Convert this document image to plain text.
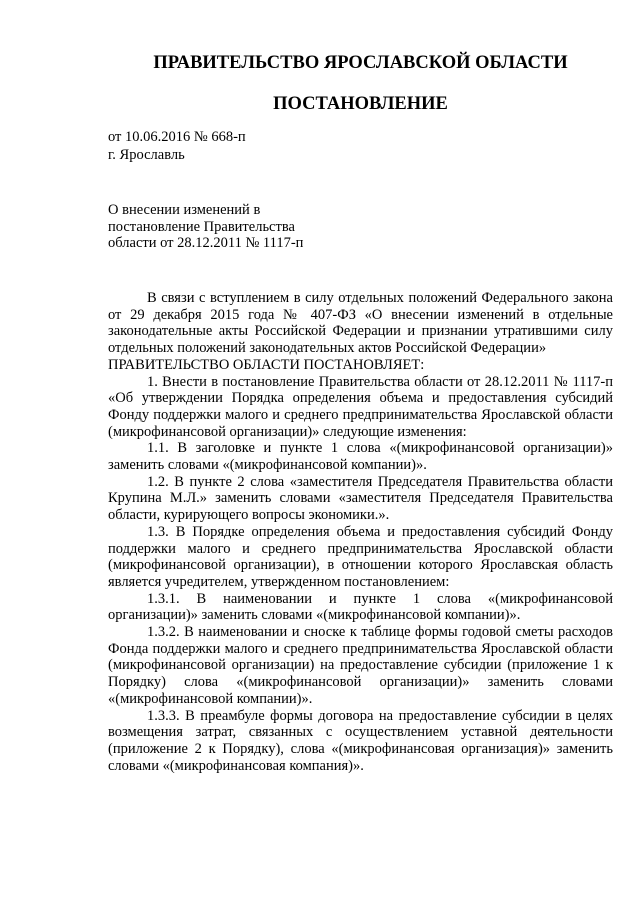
ПРАВИТЕЛЬСТВО ЯРОСЛАВСКОЙ ОБЛАСТИ
ПОСТАНОВЛЕНИЕ
от 10.06.2016 № 668-п
г. Ярославль
О внесении изменений в
постановление Правительства
области от 28.12.2011 № 1117-п

В связи с вступлением в силу отдельных положений Федерального закона от 29 декабря 2015 года № 407-ФЗ «О внесении изменений в отдельные законодательные акты Российской Федерации и признании утратившими силу отдельных положений законодательных актов Российской Федерации»

ПРАВИТЕЛЬСТВО ОБЛАСТИ ПОСТАНОВЛЯЕТ:

1. Внести в постановление Правительства области от 28.12.2011 № 1117-п «Об утверждении Порядка определения объема и предоставления субсидий Фонду поддержки малого и среднего предпринимательства Ярославской области (микрофинансовой организации)» следующие изменения:

1.1. В заголовке и пункте 1 слова «(микрофинансовой организации)» заменить словами «(микрофинансовой компании)».

1.2. В пункте 2 слова «заместителя Председателя Правительства области Крупина М.Л.» заменить словами «заместителя Председателя Правительства области, курирующего вопросы экономики.».

1.3. В Порядке определения объема и предоставления субсидий Фонду поддержки малого и среднего предпринимательства Ярославской области (микрофинансовой организации), в отношении которого Ярославская область является учредителем, утвержденном постановлением:

1.3.1. В наименовании и пункте 1 слова «(микрофинансовой организации)» заменить словами «(микрофинансовой компании)».

1.3.2. В наименовании и сноске к таблице формы годовой сметы расходов Фонда поддержки малого и среднего предпринимательства Ярославской области (микрофинансовой организации) на предоставление субсидии (приложение 1 к Порядку) слова «(микрофинансовой организации)» заменить словами «(микрофинансовой компании)».

1.3.3. В преамбуле формы договора на предоставление субсидии в целях возмещения затрат, связанных с осуществлением уставной деятельности (приложение 2 к Порядку), слова «(микрофинансовая организация)» заменить словами «(микрофинансовая компания)».
